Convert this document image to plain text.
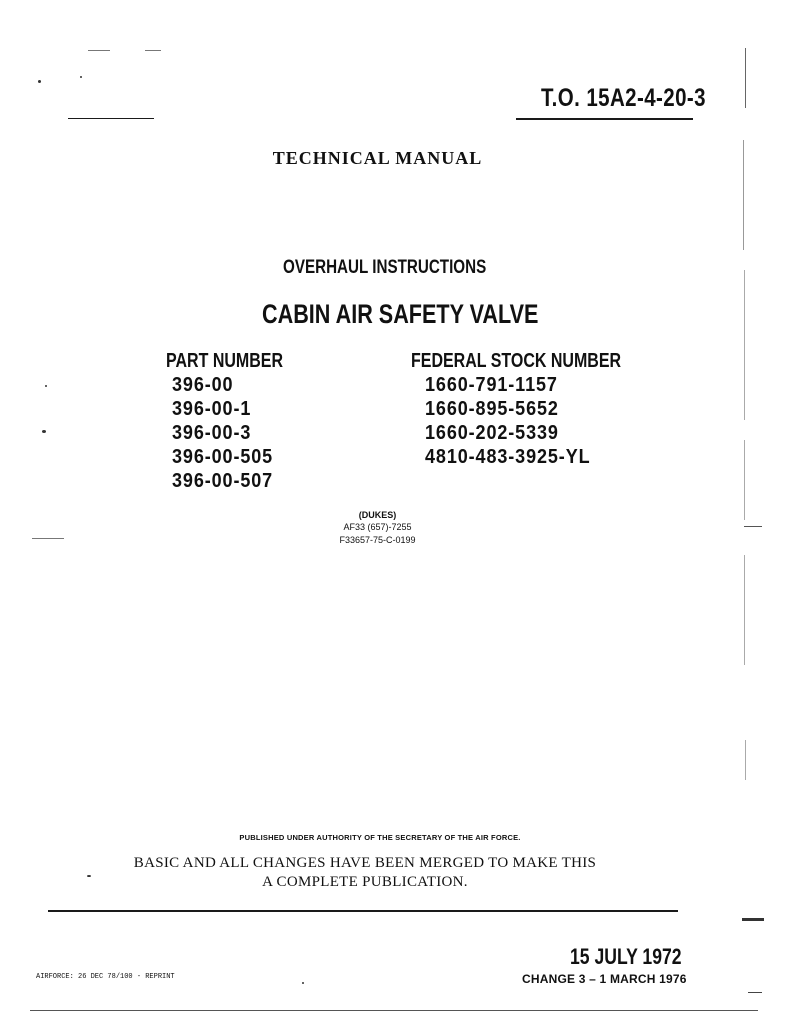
T.O. 15A2-4-20-3
TECHNICAL MANUAL
OVERHAUL INSTRUCTIONS
CABIN AIR SAFETY VALVE
PART NUMBER	FEDERAL STOCK NUMBER
396-00
396-00-1
396-00-3
396-00-505
396-00-507
1660-791-1157
1660-895-5652
1660-202-5339
4810-483-3925-YL
(DUKES)
AF33 (657)-7255
F33657-75-C-0199
PUBLISHED UNDER AUTHORITY OF THE SECRETARY OF THE AIR FORCE.
BASIC AND ALL CHANGES HAVE BEEN MERGED TO MAKE THIS
A COMPLETE PUBLICATION.
15 JULY 1972
CHANGE 3 – 1 MARCH 1976
AIRFORCE: 26 DEC 78/100 - REPRINT
